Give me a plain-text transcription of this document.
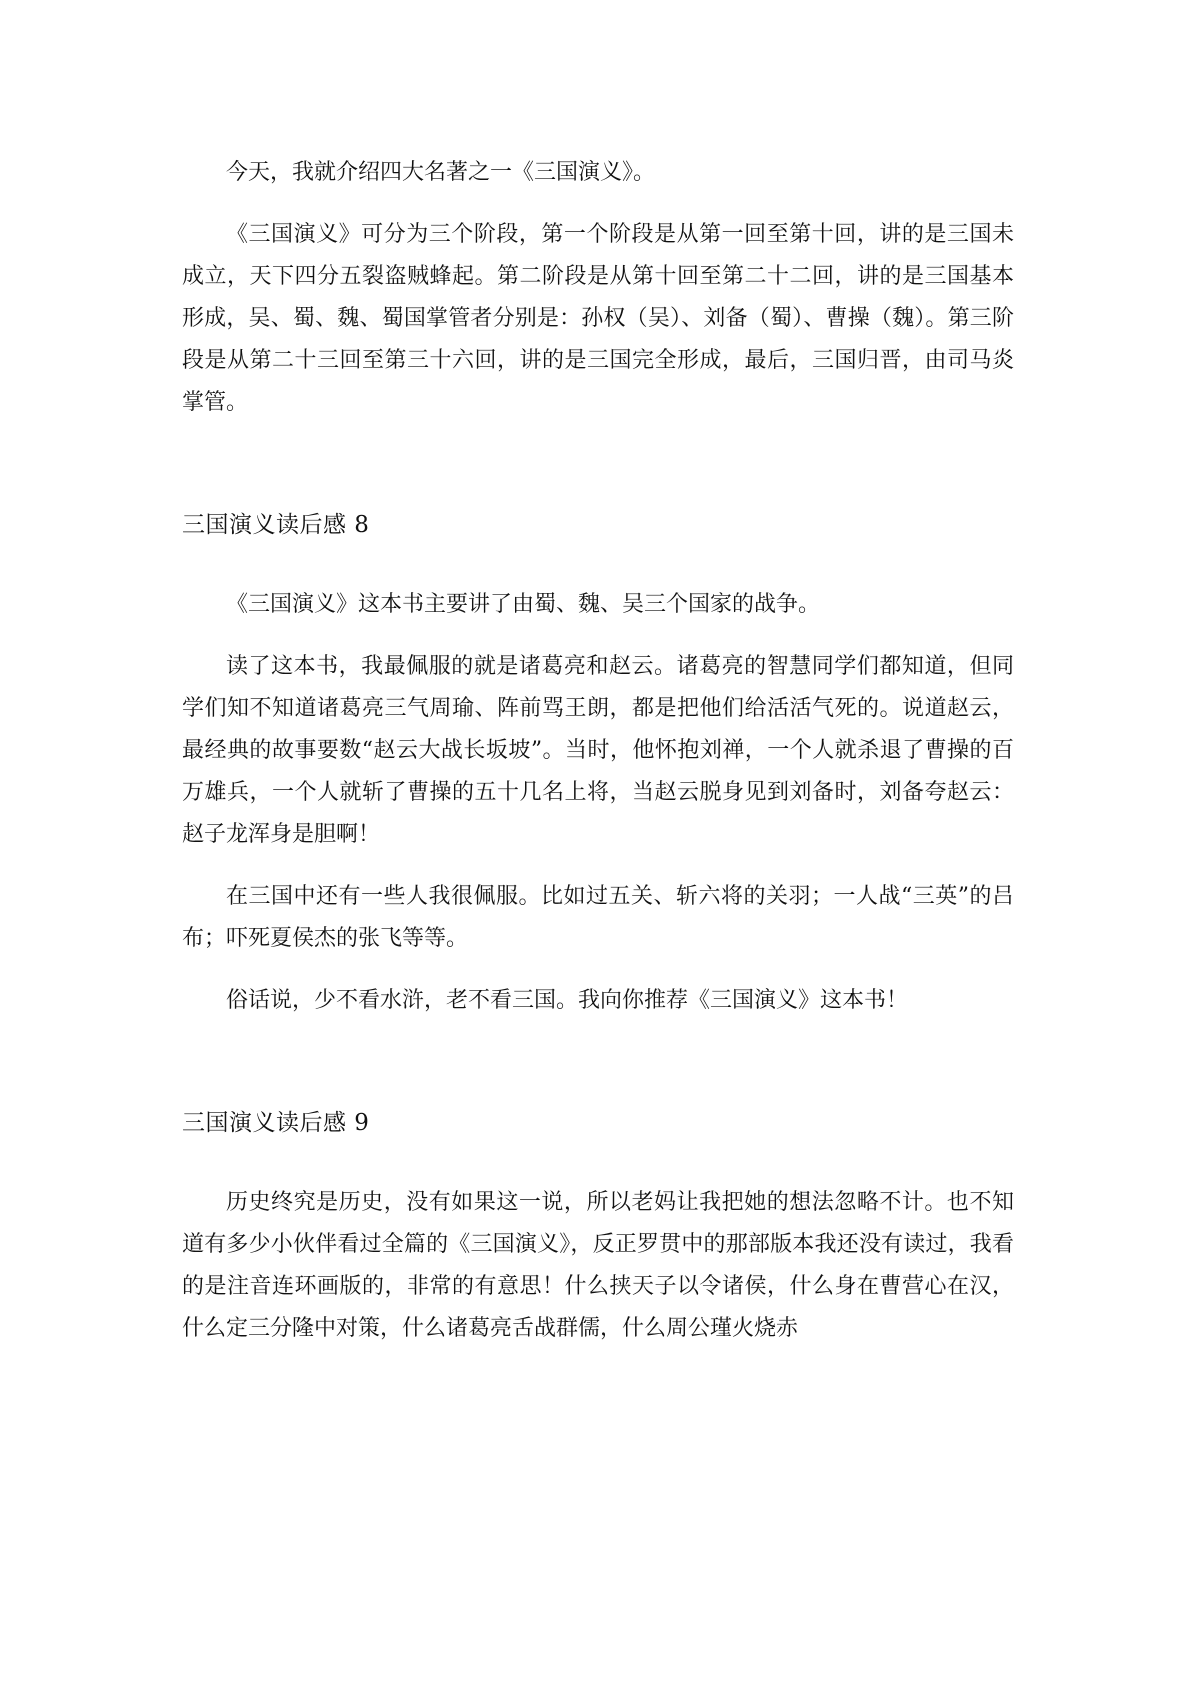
今天，我就介绍四大名著之一《三国演义》。

《三国演义》可分为三个阶段，第一个阶段是从第一回至第十回，讲的是三国未成立，天下四分五裂盗贼蜂起。第二阶段是从第十回至第二十二回，讲的是三国基本形成，吴、蜀、魏、蜀国掌管者分别是：孙权（吴）、刘备（蜀）、曹操（魏）。第三阶段是从第二十三回至第三十六回，讲的是三国完全形成，最后，三国归晋，由司马炎掌管。

三国演义读后感 8

《三国演义》这本书主要讲了由蜀、魏、吴三个国家的战争。

读了这本书，我最佩服的就是诸葛亮和赵云。诸葛亮的智慧同学们都知道，但同学们知不知道诸葛亮三气周瑜、阵前骂王朗，都是把他们给活活气死的。说道赵云，最经典的故事要数“赵云大战长坂坡”。当时，他怀抱刘禅，一个人就杀退了曹操的百万雄兵，一个人就斩了曹操的五十几名上将，当赵云脱身见到刘备时，刘备夸赵云：赵子龙浑身是胆啊！

在三国中还有一些人我很佩服。比如过五关、斩六将的关羽；一人战“三英”的吕布；吓死夏侯杰的张飞等等。

俗话说，少不看水浒，老不看三国。我向你推荐《三国演义》这本书！

三国演义读后感 9

历史终究是历史，没有如果这一说，所以老妈让我把她的想法忽略不计。也不知道有多少小伙伴看过全篇的《三国演义》，反正罗贯中的那部版本我还没有读过，我看的是注音连环画版的，非常的有意思！什么挟天子以令诸侯，什么身在曹营心在汉，什么定三分隆中对策，什么诸葛亮舌战群儒，什么周公瑾火烧赤
